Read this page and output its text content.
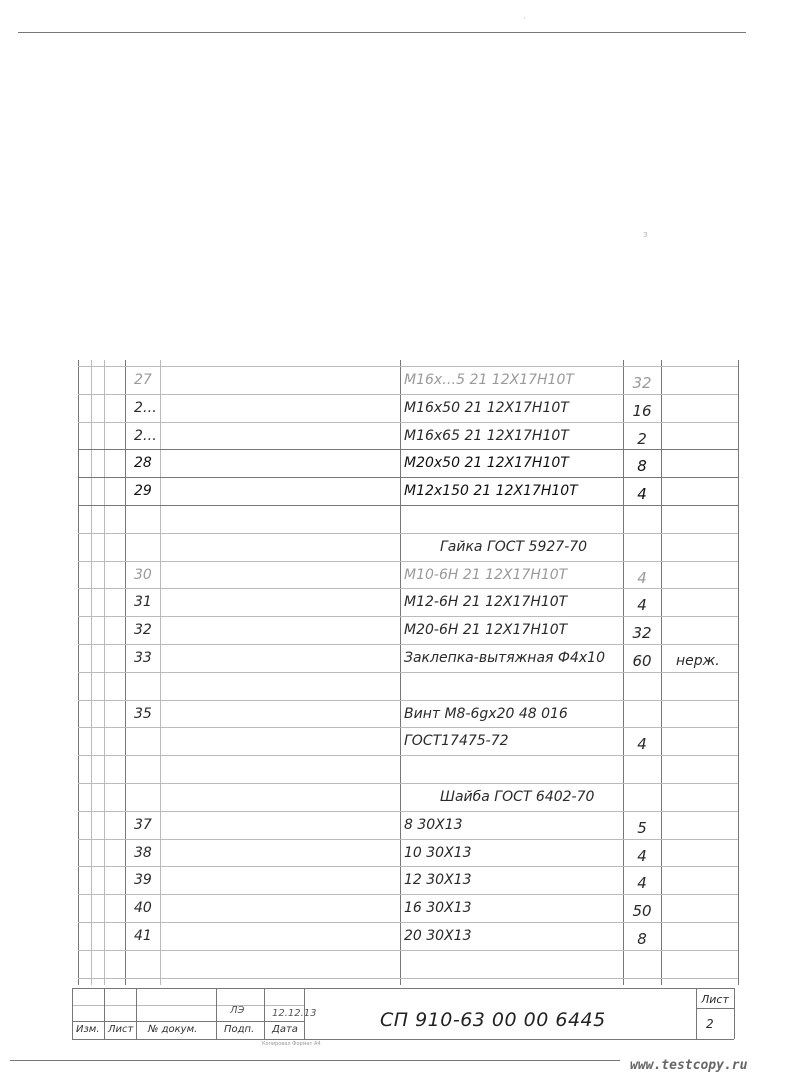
·
ɜ
27	M16x…5 21 12Х17Н10Т	32
2…	M16x50 21 12Х17Н10Т	16
2…	M16x65 21 12Х17Н10Т	2
28	M20x50 21 12Х17Н10Т	8
29	M12x150 21 12Х17Н10Т	4
Гайка ГОСТ 5927-70
30	M10-6H 21 12Х17Н10Т	4
31	M12-6H 21 12Х17Н10Т	4
32	M20-6H 21 12Х17Н10Т	32
33	Заклепка-вытяжная Ф4x10	60	нерж.
35	Винт M8-6gx20 48 016
ГОСТ17475-72	4
Шайба ГОСТ 6402-70
37	8 30Х13	5
38	10 30Х13	4
39	12 30Х13	4
40	16 30Х13	50
41	20 30Х13	8
Изм. Лист № докум.	Подп. Дата
ЛЭ	12.12.13	СП 910-63 00 00 6445
Лист
2
Копировал Формат A4
www.testcopy.ru
